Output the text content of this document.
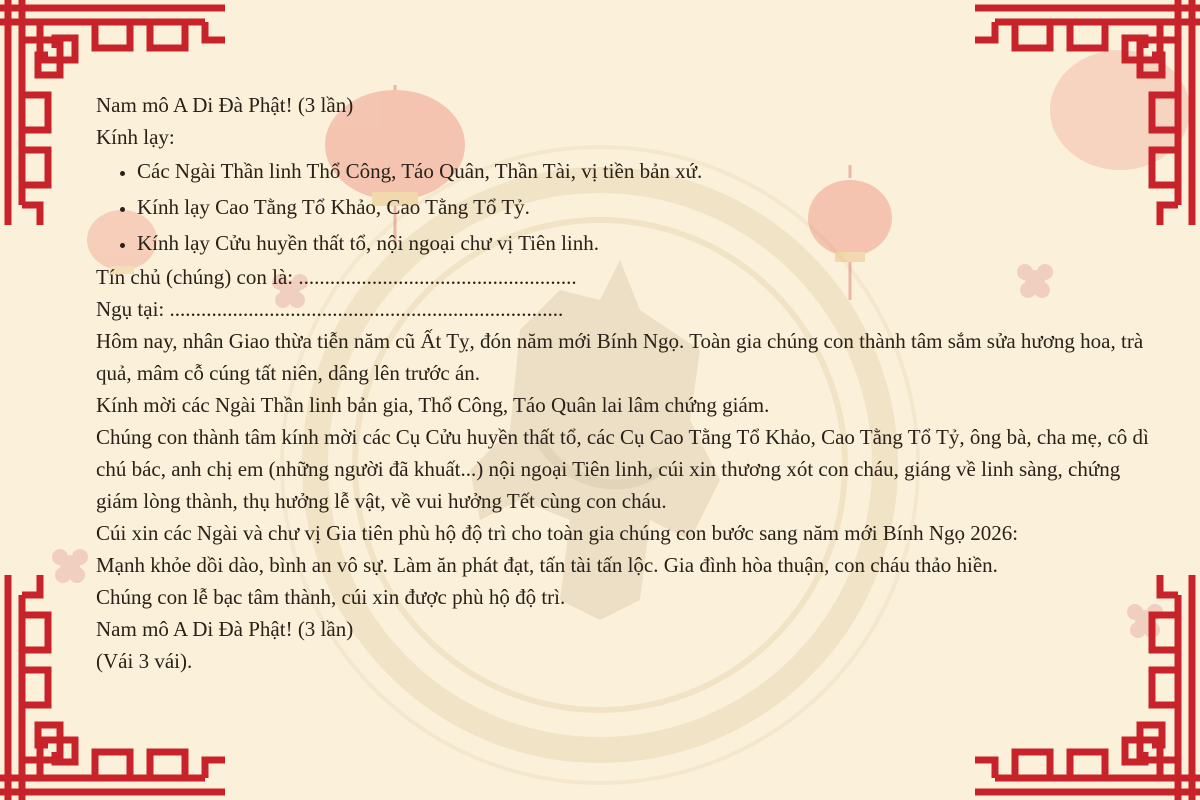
Nam mô A Di Đà Phật! (3 lần)

Kính lạy:

• Các Ngài Thần linh Thổ Công, Táo Quân, Thần Tài, vị tiền bản xứ.
• Kính lạy Cao Tằng Tổ Khảo, Cao Tằng Tổ Tỷ.
• Kính lạy Cửu huyền thất tổ, nội ngoại chư vị Tiên linh.

Tín chủ (chúng) con là: .....................................................

Ngụ tại: ...........................................................................

Hôm nay, nhân Giao thừa tiễn năm cũ Ất Tỵ, đón năm mới Bính Ngọ. Toàn gia chúng con thành tâm sắm sửa hương hoa, trà quả, mâm cỗ cúng tất niên, dâng lên trước án.

Kính mời các Ngài Thần linh bản gia, Thổ Công, Táo Quân lai lâm chứng giám.

Chúng con thành tâm kính mời các Cụ Cửu huyền thất tổ, các Cụ Cao Tằng Tổ Khảo, Cao Tằng Tổ Tỷ, ông bà, cha mẹ, cô dì chú bác, anh chị em (những người đã khuất...) nội ngoại Tiên linh, cúi xin thương xót con cháu, giáng về linh sàng, chứng giám lòng thành, thụ hưởng lễ vật, về vui hưởng Tết cùng con cháu.

Cúi xin các Ngài và chư vị Gia tiên phù hộ độ trì cho toàn gia chúng con bước sang năm mới Bính Ngọ 2026:

Mạnh khỏe dồi dào, bình an vô sự. Làm ăn phát đạt, tấn tài tấn lộc. Gia đình hòa thuận, con cháu thảo hiền.

Chúng con lễ bạc tâm thành, cúi xin được phù hộ độ trì.

Nam mô A Di Đà Phật! (3 lần)

(Vái 3 vái).
